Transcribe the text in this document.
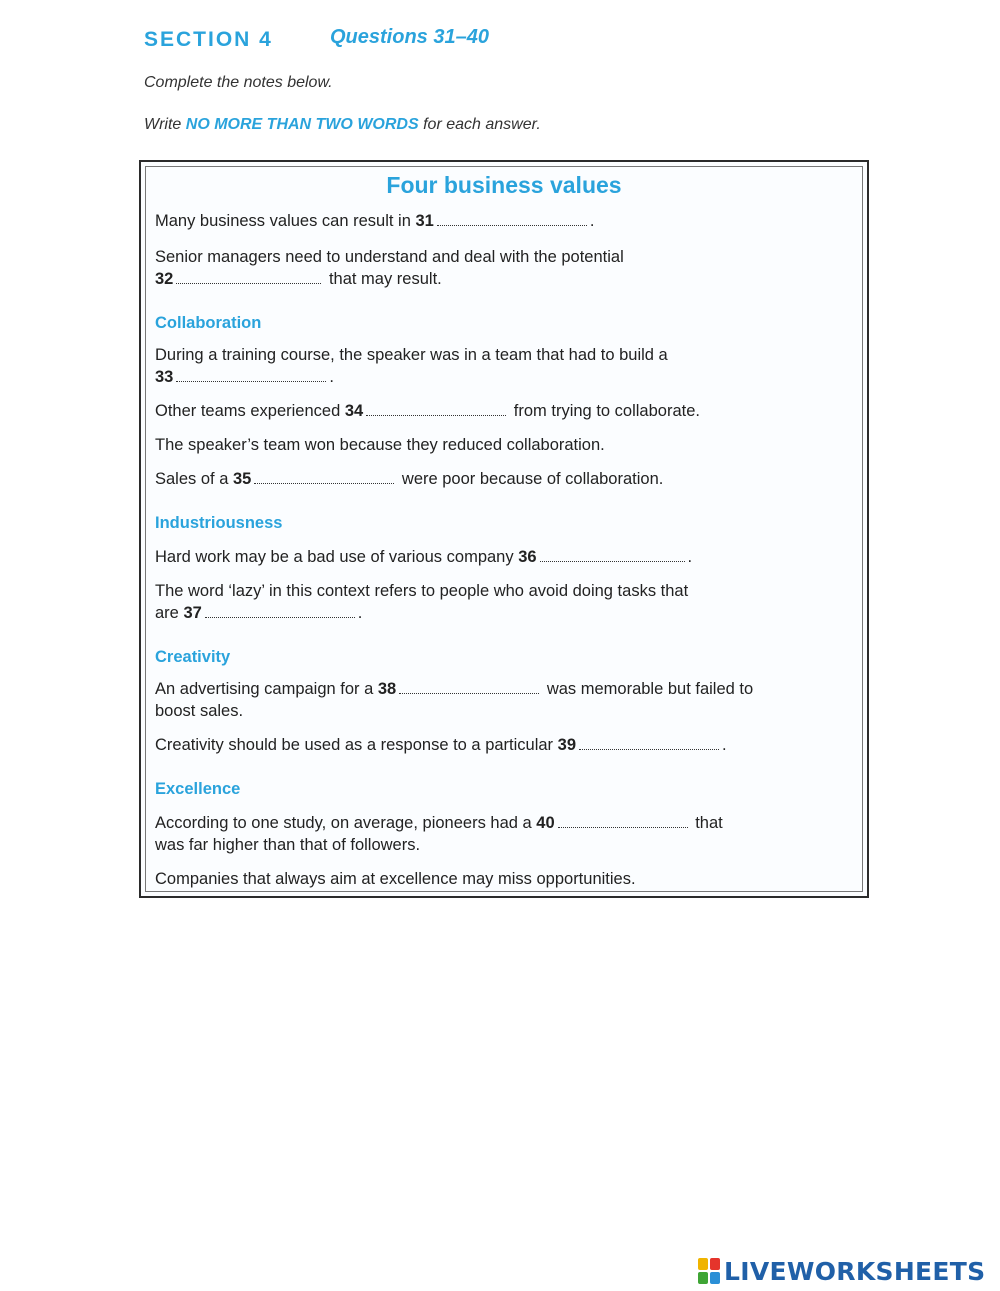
SECTION 4	Questions 31–40
Complete the notes below.
Write NO MORE THAN TWO WORDS for each answer.
Four business values
Many business values can result in 31	.
Senior managers need to understand and deal with the potential
32	that may result.
Collaboration
During a training course, the speaker was in a team that had to build a
33	.
Other teams experienced 34	from trying to collaborate.
The speaker’s team won because they reduced collaboration.
Sales of a 35	were poor because of collaboration.
Industriousness
Hard work may be a bad use of various company 36	.
The word ‘lazy’ in this context refers to people who avoid doing tasks that
are 37	.
Creativity
An advertising campaign for a 38	was memorable but failed to
boost sales.
Creativity should be used as a response to a particular 39	.
Excellence
According to one study, on average, pioneers had a 40	that
was far higher than that of followers.
Companies that always aim at excellence may miss opportunities.
LIVEWORKSHEETS
